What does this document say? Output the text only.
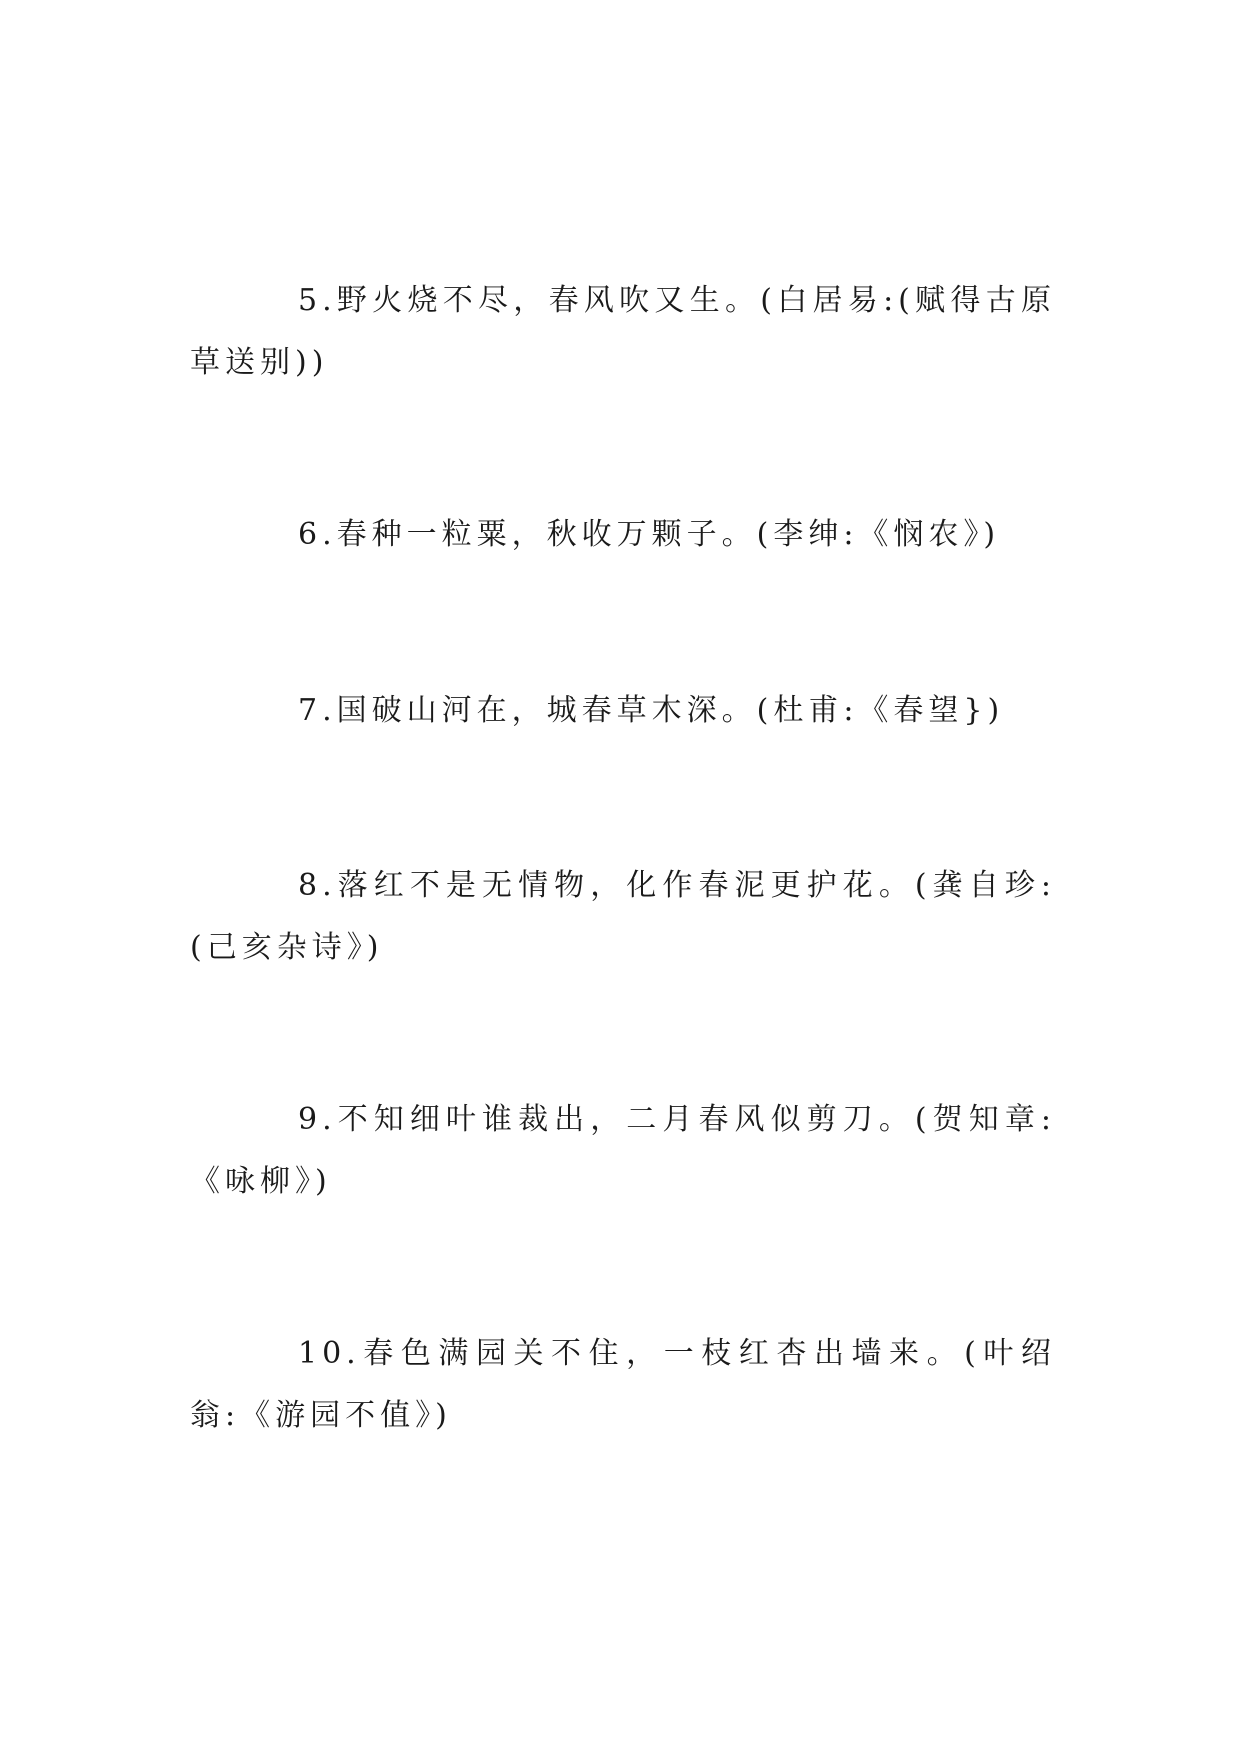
5.野火烧不尽，春风吹又生。(白居易:(赋得古原草送别))

6.春种一粒粟，秋收万颗子。(李绅:《悯农》)

7.国破山河在，城春草木深。(杜甫:《春望})

8.落红不是无情物，化作春泥更护花。(龚自珍:(己亥杂诗》)

9.不知细叶谁裁出，二月春风似剪刀。(贺知章:《咏柳》)

10.春色满园关不住，一枝红杏出墙来。(叶绍翁:《游园不值》)
